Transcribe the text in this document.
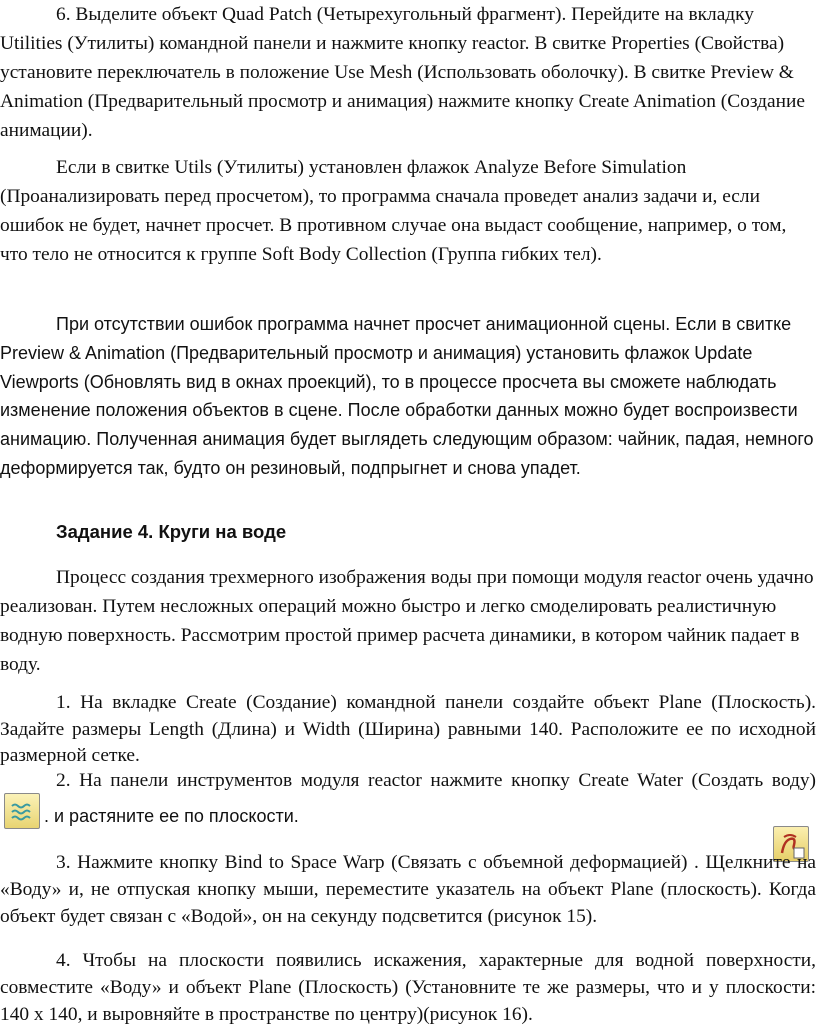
6. Выделите объект Quad Patch (Четырехугольный фрагмент). Перейдите на вкладку Utilities (Утилиты) командной панели и нажмите кнопку reactor. В свитке Properties (Свойства) установите переключатель в положение Use Mesh (Использовать оболочку). В свитке Preview & Animation (Предварительный просмотр и анимация) нажмите кнопку Create Animation (Создание анимации).

Если в свитке Utils (Утилиты) установлен флажок Analyze Before Simulation (Проанализировать перед просчетом), то программа сначала проведет анализ задачи и, если ошибок не будет, начнет просчет. В противном случае она выдаст сообщение, например, о том, что тело не относится к группе Soft Body Collection (Группа гибких тел).

При отсутствии ошибок программа начнет просчет анимационной сцены. Если в свитке Preview & Animation (Предварительный просмотр и анимация) установить флажок Update Viewports (Обновлять вид в окнах проекций), то в процессе просчета вы сможете наблюдать изменение положения объектов в сцене. После обработки данных можно будет воспроизвести анимацию. Полученная анимация будет выглядеть следующим образом: чайник, падая, немного деформируется так, будто он резиновый, подпрыгнет и снова упадет.

Задание 4. Круги на воде

Процесс создания трехмерного изображения воды при помощи модуля reactor очень удачно реализован. Путем несложных операций можно быстро и легко смоделировать реалистичную водную поверхность. Рассмотрим простой пример расчета динамики, в котором чайник падает в воду.

1. На вкладке Create (Создание) командной панели создайте объект Plane (Плоскость). Задайте размеры Length (Длина) и Width (Ширина) равными 140. Расположите ее по исходной размерной сетке.

2. На панели инструментов модуля reactor нажмите кнопку Create Water (Создать воду)
. и растяните ее по плоскости.

3. Нажмите кнопку Bind to Space Warp (Связать с объемной деформацией) . Щелкните на «Воду» и, не отпуская кнопку мыши, переместите указатель на объект Plane (плоскость). Когда объект будет связан с «Водой», он на секунду подсветится (рисунок 15).

4. Чтобы на плоскости появились искажения, характерные для водной поверхности, совместите «Воду» и объект Plane (Плоскость) (Установните те же размеры, что и у плоскости: 140 х 140, и выровняйте в пространстве по центру)(рисунок 16).
